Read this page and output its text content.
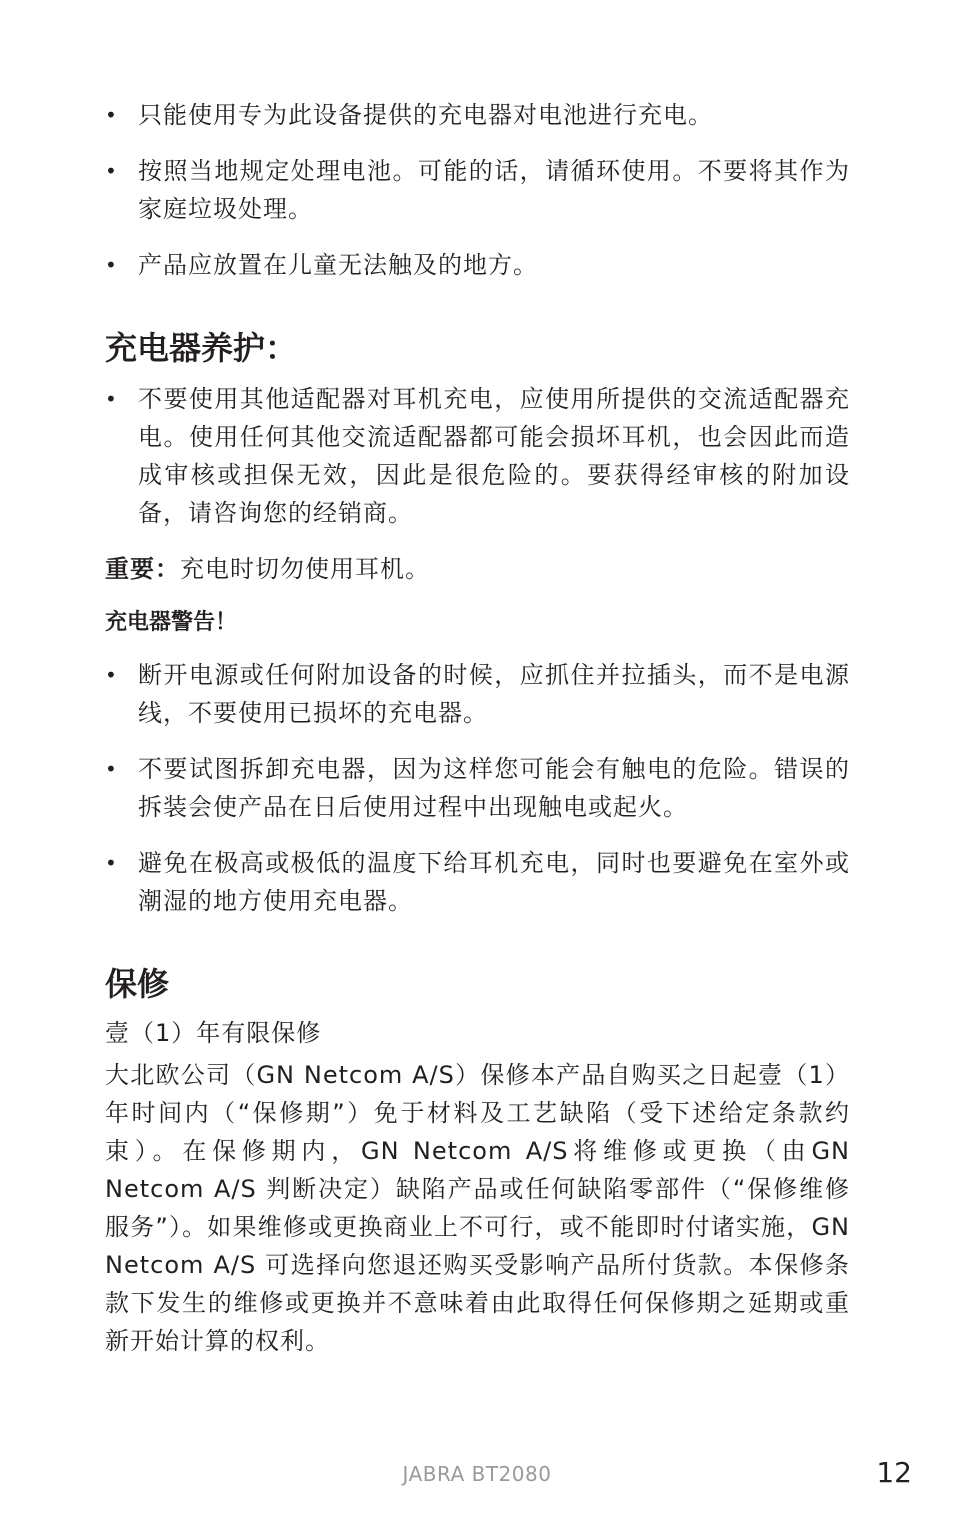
• 只能使用专为此设备提供的充电器对电池进行充电。
• 按照当地规定处理电池。可能的话，请循环使用。不要将其作为家庭垃圾处理。
• 产品应放置在儿童无法触及的地方。
充电器养护：
• 不要使用其他适配器对耳机充电，应使用所提供的交流适配器充电。使用任何其他交流适配器都可能会损坏耳机，也会因此而造成审核或担保无效，因此是很危险的。要获得经审核的附加设备，请咨询您的经销商。

重要：充电时切勿使用耳机。

充电器警告！
• 断开电源或任何附加设备的时候，应抓住并拉插头，而不是电源线，不要使用已损坏的充电器。
• 不要试图拆卸充电器，因为这样您可能会有触电的危险。错误的拆装会使产品在日后使用过程中出现触电或起火。
• 避免在极高或极低的温度下给耳机充电，同时也要避免在室外或潮湿的地方使用充电器。
保修

壹（1）年有限保修

大北欧公司（GN Netcom A/S）保修本产品自购买之日起壹（1）年时间内（“保修期”）免于材料及工艺缺陷（受下述给定条款约束）。在保修期内，GN Netcom A/S将维修或更换（由GN Netcom A/S 判断决定）缺陷产品或任何缺陷零部件（“保修维修服务”）。如果维修或更换商业上不可行，或不能即时付诸实施，GN Netcom A/S 可选择向您退还购买受影响产品所付货款。本保修条款下发生的维修或更换并不意味着由此取得任何保修期之延期或重新开始计算的权利。

JABRA BT2080	12
